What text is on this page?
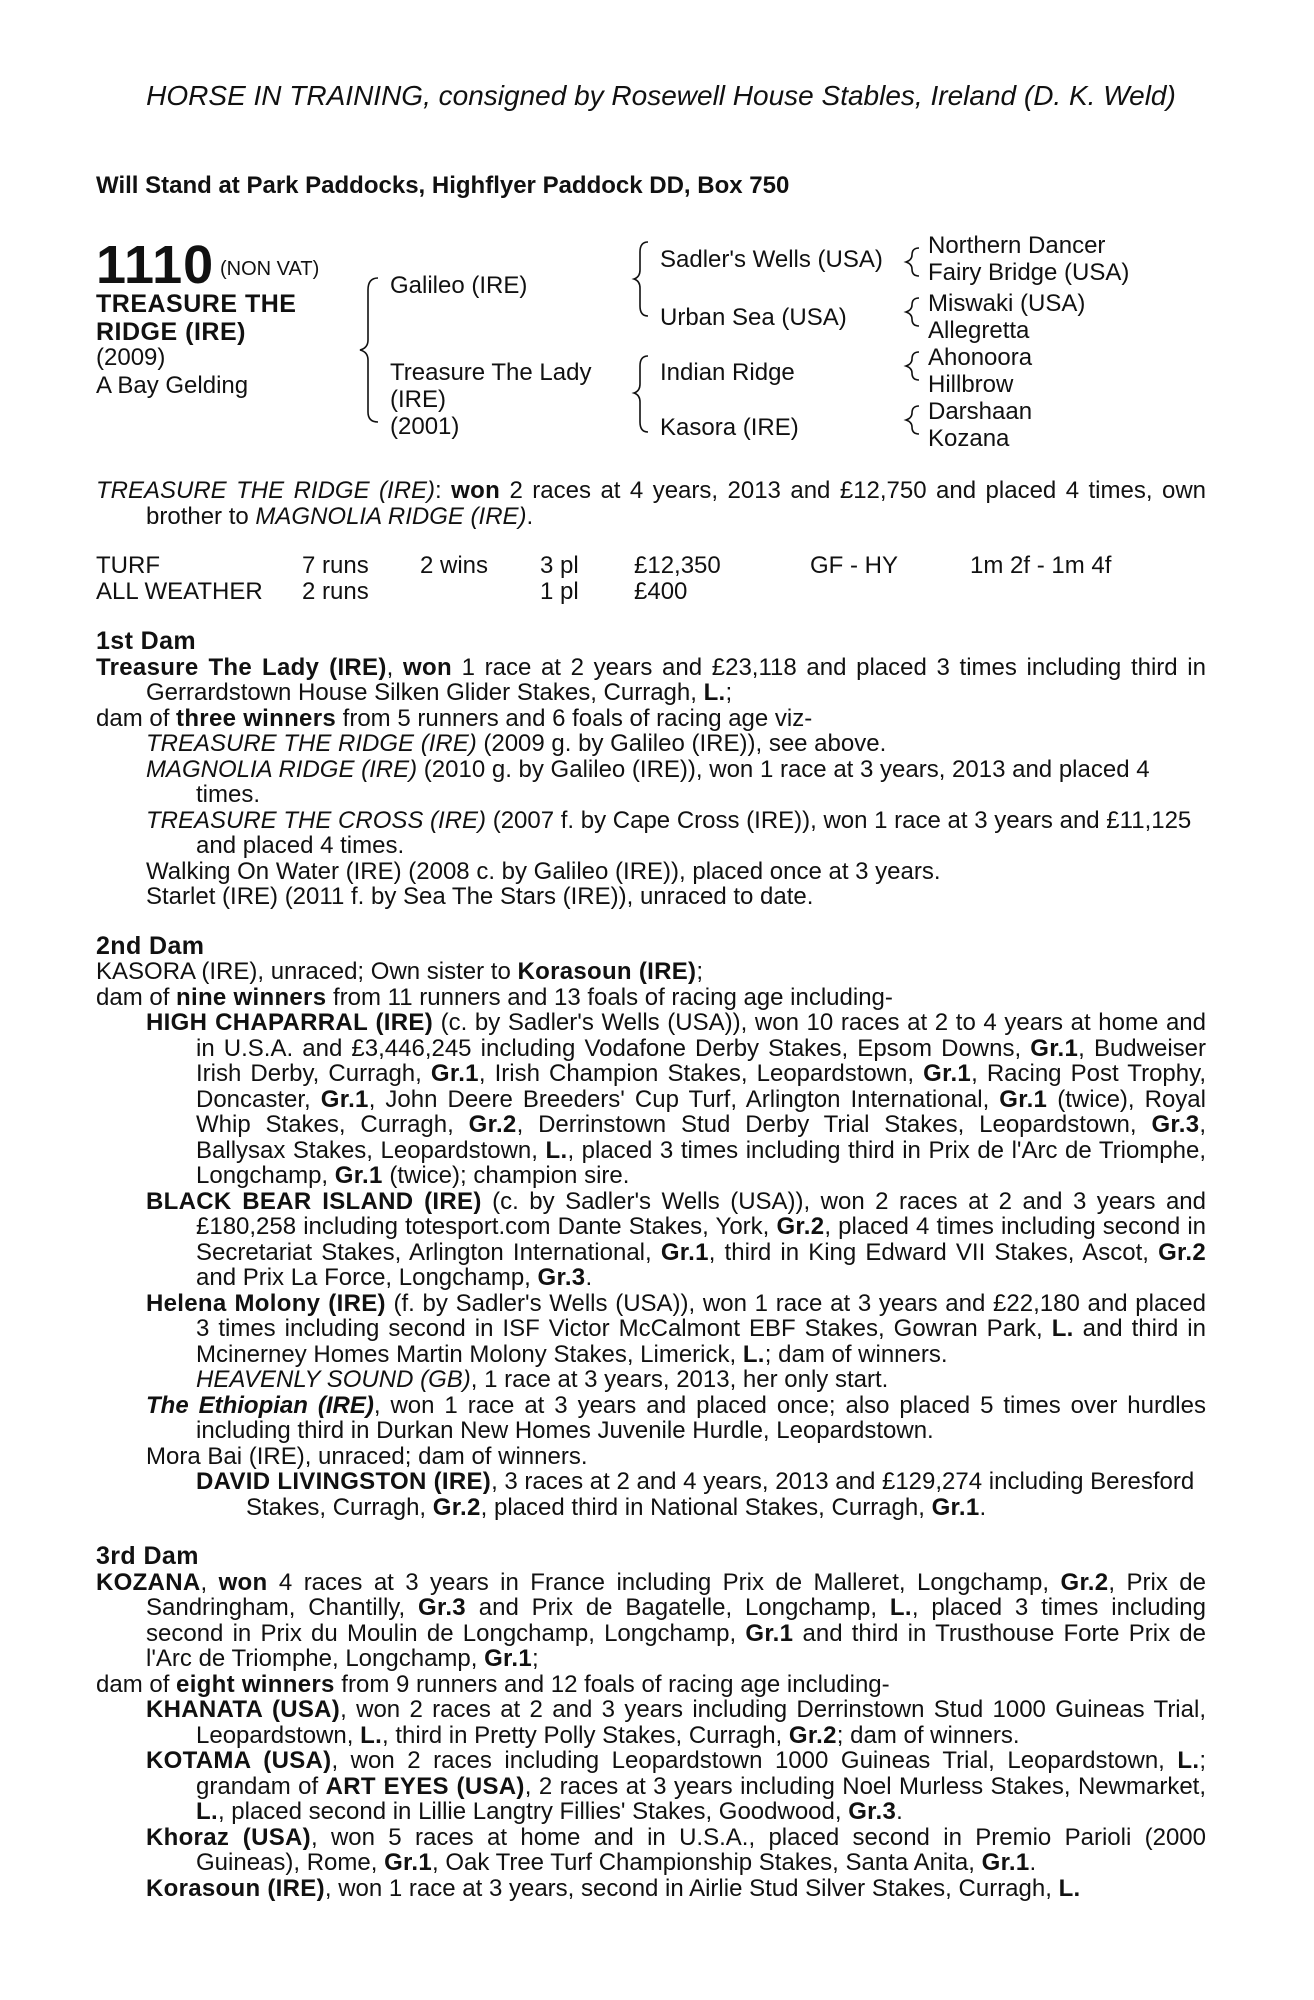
HORSE IN TRAINING, consigned by Rosewell House Stables, Ireland (D. K. Weld)
Will Stand at Park Paddocks, Highflyer Paddock DD, Box 750
1110 (NON VAT)
TREASURE THE
RIDGE (IRE)
(2009)
A Bay Gelding
Galileo (IRE)
Treasure The Lady
(IRE)
(2001)
Sadler's Wells (USA)
Urban Sea (USA)
Indian Ridge
Kasora (IRE)
Northern Dancer
Fairy Bridge (USA)
Miswaki (USA)
Allegretta
Ahonoora
Hillbrow
Darshaan
Kozana

TREASURE THE RIDGE (IRE): won 2 races at 4 years, 2013 and £12,750 and placed 4 times, own brother to MAGNOLIA RIDGE (IRE).

TURF	7 runs	2 wins	3 pl	£12,350	GF - HY	1m 2f - 1m 4f
ALL WEATHER	2 runs		1 pl	£400		
1st Dam

Treasure The Lady (IRE), won 1 race at 2 years and £23,118 and placed 3 times including third in Gerrardstown House Silken Glider Stakes, Curragh, L.;

dam of three winners from 5 runners and 6 foals of racing age viz-

TREASURE THE RIDGE (IRE) (2009 g. by Galileo (IRE)), see above.

MAGNOLIA RIDGE (IRE) (2010 g. by Galileo (IRE)), won 1 race at 3 years, 2013 and placed 4 times.

TREASURE THE CROSS (IRE) (2007 f. by Cape Cross (IRE)), won 1 race at 3 years and £11,125 and placed 4 times.

Walking On Water (IRE) (2008 c. by Galileo (IRE)), placed once at 3 years.

Starlet (IRE) (2011 f. by Sea The Stars (IRE)), unraced to date.

2nd Dam

KASORA (IRE), unraced; Own sister to Korasoun (IRE);

dam of nine winners from 11 runners and 13 foals of racing age including-

HIGH CHAPARRAL (IRE) (c. by Sadler's Wells (USA)), won 10 races at 2 to 4 years at home and in U.S.A. and £3,446,245 including Vodafone Derby Stakes, Epsom Downs, Gr.1, Budweiser Irish Derby, Curragh, Gr.1, Irish Champion Stakes, Leopardstown, Gr.1, Racing Post Trophy, Doncaster, Gr.1, John Deere Breeders' Cup Turf, Arlington International, Gr.1 (twice), Royal Whip Stakes, Curragh, Gr.2, Derrinstown Stud Derby Trial Stakes, Leopardstown, Gr.3, Ballysax Stakes, Leopardstown, L., placed 3 times including third in Prix de l'Arc de Triomphe, Longchamp, Gr.1 (twice); champion sire.

BLACK BEAR ISLAND (IRE) (c. by Sadler's Wells (USA)), won 2 races at 2 and 3 years and £180,258 including totesport.com Dante Stakes, York, Gr.2, placed 4 times including second in Secretariat Stakes, Arlington International, Gr.1, third in King Edward VII Stakes, Ascot, Gr.2 and Prix La Force, Longchamp, Gr.3.

Helena Molony (IRE) (f. by Sadler's Wells (USA)), won 1 race at 3 years and £22,180 and placed 3 times including second in ISF Victor McCalmont EBF Stakes, Gowran Park, L. and third in Mcinerney Homes Martin Molony Stakes, Limerick, L.; dam of winners.

HEAVENLY SOUND (GB), 1 race at 3 years, 2013, her only start.

The Ethiopian (IRE), won 1 race at 3 years and placed once; also placed 5 times over hurdles including third in Durkan New Homes Juvenile Hurdle, Leopardstown.

Mora Bai (IRE), unraced; dam of winners.

DAVID LIVINGSTON (IRE), 3 races at 2 and 4 years, 2013 and £129,274 including Beresford Stakes, Curragh, Gr.2, placed third in National Stakes, Curragh, Gr.1.

3rd Dam

KOZANA, won 4 races at 3 years in France including Prix de Malleret, Longchamp, Gr.2, Prix de Sandringham, Chantilly, Gr.3 and Prix de Bagatelle, Longchamp, L., placed 3 times including second in Prix du Moulin de Longchamp, Longchamp, Gr.1 and third in Trusthouse Forte Prix de l'Arc de Triomphe, Longchamp, Gr.1;

dam of eight winners from 9 runners and 12 foals of racing age including-

KHANATA (USA), won 2 races at 2 and 3 years including Derrinstown Stud 1000 Guineas Trial, Leopardstown, L., third in Pretty Polly Stakes, Curragh, Gr.2; dam of winners.

KOTAMA (USA), won 2 races including Leopardstown 1000 Guineas Trial, Leopardstown, L.; grandam of ART EYES (USA), 2 races at 3 years including Noel Murless Stakes, Newmarket, L., placed second in Lillie Langtry Fillies' Stakes, Goodwood, Gr.3.

Khoraz (USA), won 5 races at home and in U.S.A., placed second in Premio Parioli (2000 Guineas), Rome, Gr.1, Oak Tree Turf Championship Stakes, Santa Anita, Gr.1.

Korasoun (IRE), won 1 race at 3 years, second in Airlie Stud Silver Stakes, Curragh, L.
